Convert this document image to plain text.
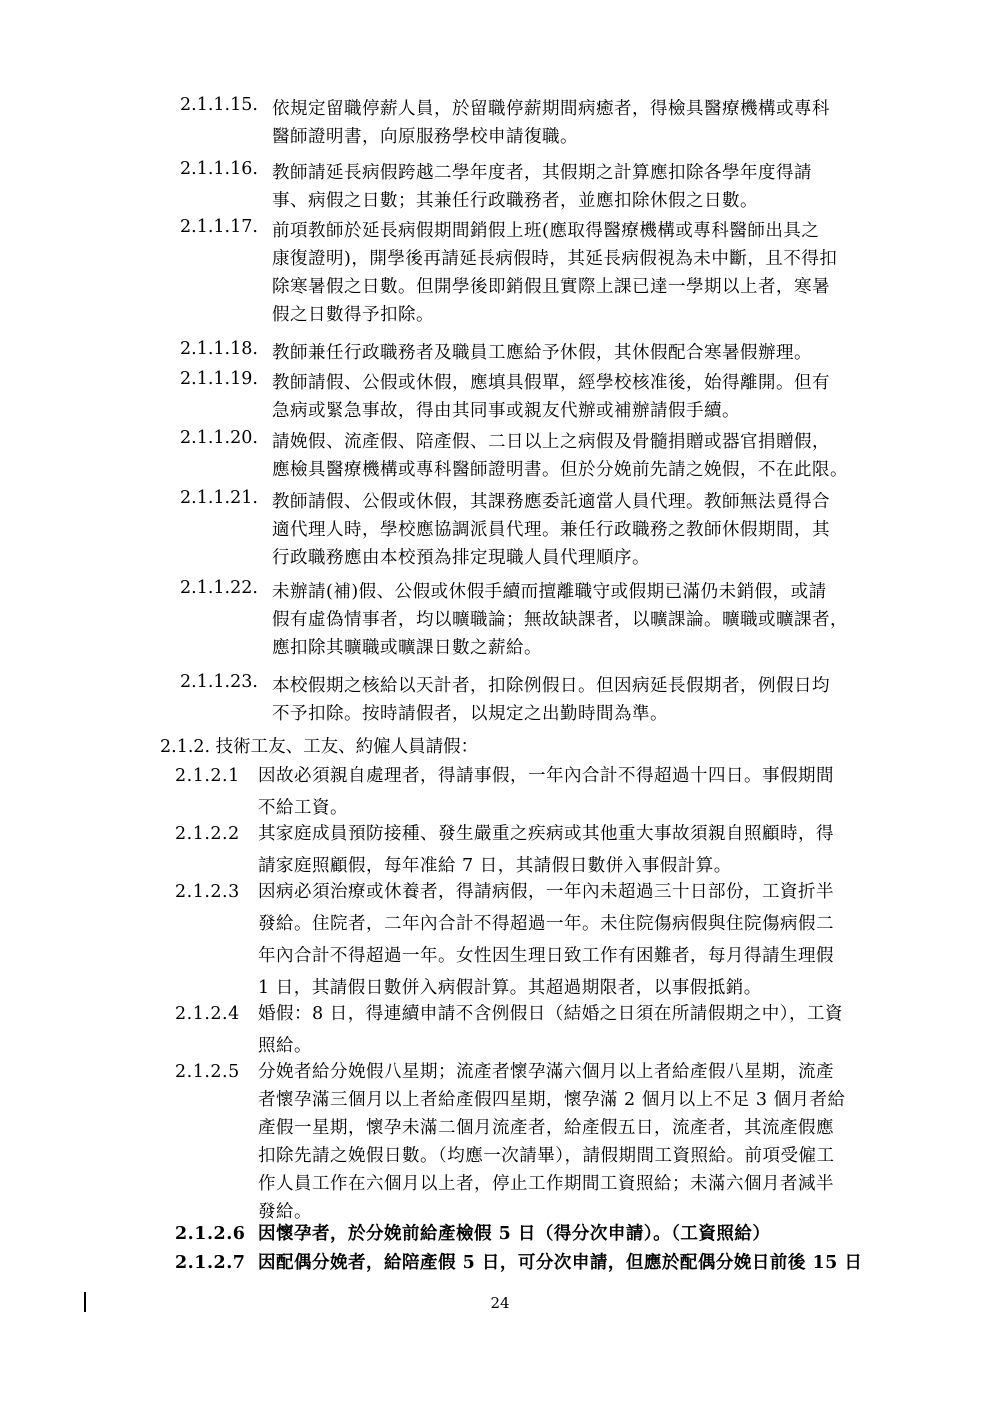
2.1.1.15. 依規定留職停薪人員，於留職停薪期間病癒者，得檢具醫療機構或專科
醫師證明書，向原服務學校申請復職。
2.1.1.16. 教師請延長病假跨越二學年度者，其假期之計算應扣除各學年度得請
事、病假之日數；其兼任行政職務者，並應扣除休假之日數。
2.1.1.17. 前項教師於延長病假期間銷假上班(應取得醫療機構或專科醫師出具之
康復證明)，開學後再請延長病假時，其延長病假視為未中斷，且不得扣
除寒暑假之日數。但開學後即銷假且實際上課已達一學期以上者，寒暑
假之日數得予扣除。
2.1.1.18. 教師兼任行政職務者及職員工應給予休假，其休假配合寒暑假辦理。
2.1.1.19. 教師請假、公假或休假，應填具假單，經學校核准後，始得離開。但有
急病或緊急事故，得由其同事或親友代辦或補辦請假手續。
2.1.1.20. 請娩假、流產假、陪產假、二日以上之病假及骨髓捐贈或器官捐贈假，
應檢具醫療機構或專科醫師證明書。但於分娩前先請之娩假，不在此限。
2.1.1.21. 教師請假、公假或休假，其課務應委託適當人員代理。教師無法覓得合
適代理人時，學校應協調派員代理。兼任行政職務之教師休假期間，其
行政職務應由本校預為排定現職人員代理順序。
2.1.1.22. 未辦請(補)假、公假或休假手續而擅離職守或假期已滿仍未銷假，或請
假有虛偽情事者，均以曠職論；無故缺課者，以曠課論。曠職或曠課者，
應扣除其曠職或曠課日數之薪給。
2.1.1.23. 本校假期之核給以天計者，扣除例假日。但因病延長假期者，例假日均
不予扣除。按時請假者，以規定之出勤時間為準。
2.1.2. 技術工友、工友、約僱人員請假：
2.1.2.1 因故必須親自處理者，得請事假，一年內合計不得超過十四日。事假期間
不給工資。
2.1.2.2 其家庭成員預防接種、發生嚴重之疾病或其他重大事故須親自照顧時，得
請家庭照顧假，每年准給 7 日，其請假日數併入事假計算。
2.1.2.3 因病必須治療或休養者，得請病假，一年內未超過三十日部份，工資折半
發給。住院者，二年內合計不得超過一年。未住院傷病假與住院傷病假二
年內合計不得超過一年。女性因生理日致工作有困難者，每月得請生理假
1 日，其請假日數併入病假計算。其超過期限者，以事假抵銷。
2.1.2.4 婚假：8 日，得連續申請不含例假日（結婚之日須在所請假期之中），工資
照給。
2.1.2.5 分娩者給分娩假八星期；流產者懷孕滿六個月以上者給產假八星期，流產
者懷孕滿三個月以上者給產假四星期，懷孕滿 2 個月以上不足 3 個月者給
產假一星期，懷孕未滿二個月流產者，給產假五日，流產者，其流產假應
扣除先請之娩假日數。（均應一次請畢），請假期間工資照給。前項受僱工
作人員工作在六個月以上者，停止工作期間工資照給；未滿六個月者減半
發給。
2.1.2.6 因懷孕者，於分娩前給產檢假 5 日（得分次申請）。（工資照給）
2.1.2.7 因配偶分娩者，給陪產假 5 日，可分次申請，但應於配偶分娩日前後 15 日
24
